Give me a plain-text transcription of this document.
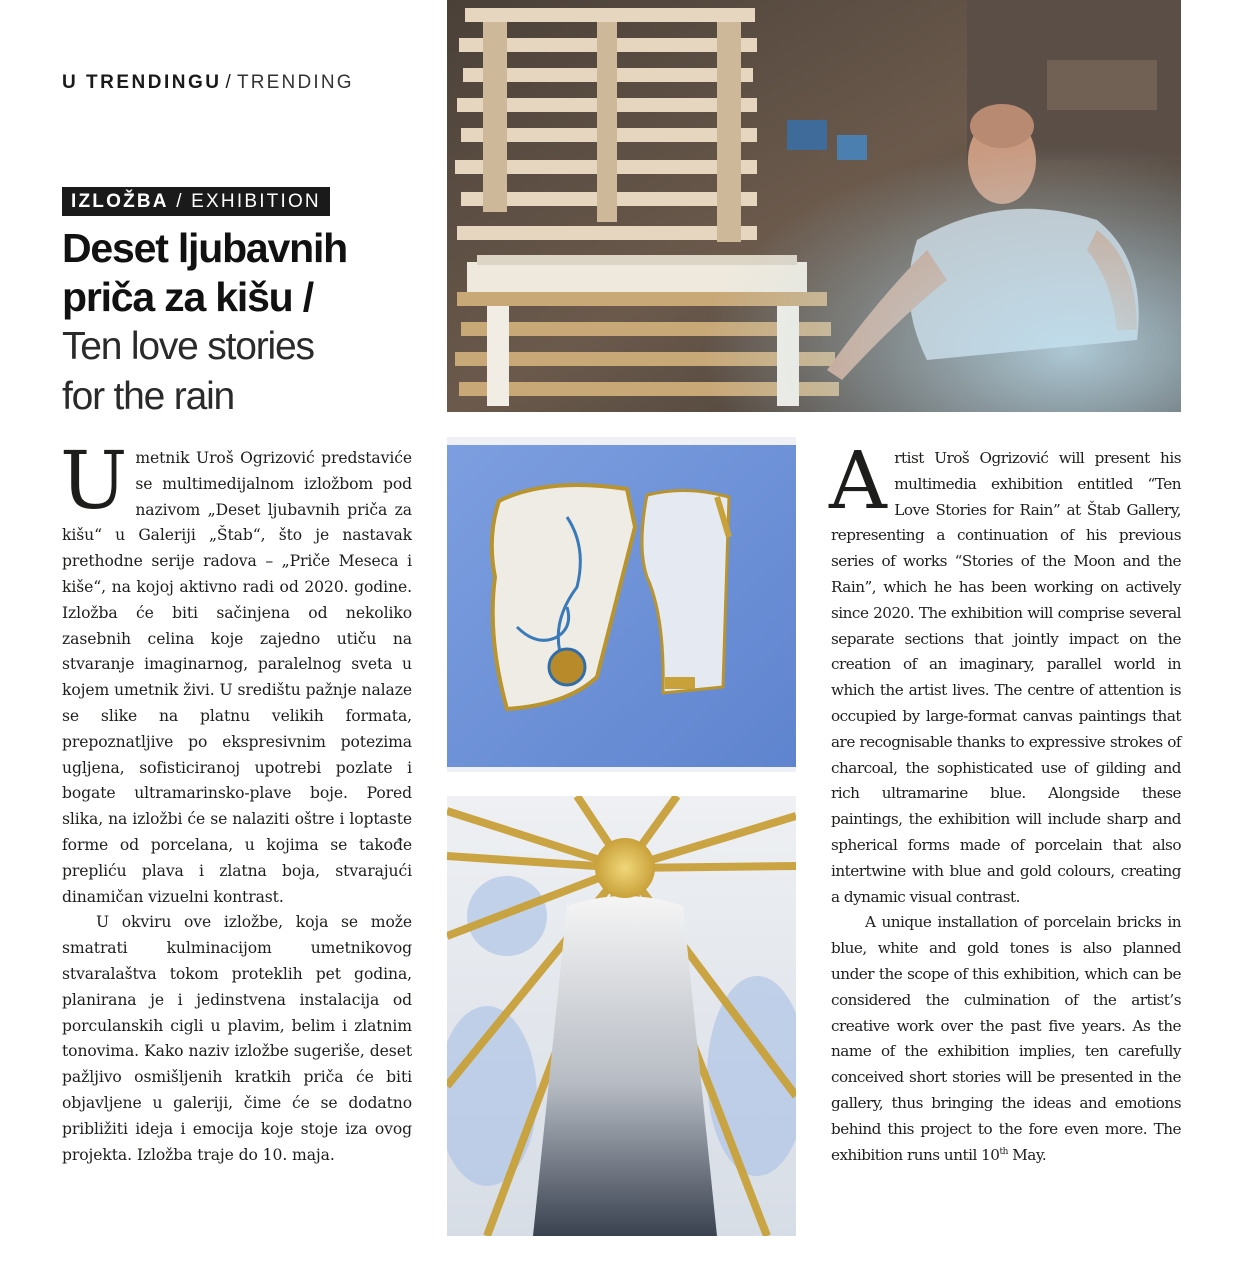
U TRENDINGU / TRENDING
IZLOŽBA / EXHIBITION
Deset ljubavnih
priča za kišu /
Ten love stories
for the rain

Umetnik Uroš Ogrizović predstaviće se multimedijalnom izložbom pod nazivom „Deset ljubavnih priča za kišu“ u Galeriji „Štab“, što je nastavak prethodne serije radova – „Priče Meseca i kiše“, na kojoj aktivno radi od 2020. godine. Izložba će biti sačinjena od nekoliko zasebnih celina koje zajedno utiču na stvaranje imaginarnog, paralelnog sveta u kojem umetnik živi. U središtu pažnje nalaze se slike na platnu velikih formata, prepoznatljive po ekspresivnim potezima ugljena, sofisticiranoj upotrebi pozlate i bogate ultramarinsko-plave boje. Pored slika, na izložbi će se nalaziti oštre i loptaste forme od porcelana, u kojima se takođe prepliću plava i zlatna boja, stvarajući dinamičan vizuelni kontrast.

U okviru ove izložbe, koja se može smatrati kulminacijom umetnikovog stvaralaštva tokom proteklih pet godina, planirana je i jedinstvena instalacija od porculanskih cigli u plavim, belim i zlatnim tonovima. Kako naziv izložbe sugeriše, deset pažljivo osmišljenih kratkih priča će biti objavljene u galeriji, čime će se dodatno približiti ideja i emocija koje stoje iza ovog projekta. Izložba traje do 10. maja.

Artist Uroš Ogrizović will present his multimedia exhibition entitled “Ten Love Stories for Rain” at Štab Gallery, representing a continuation of his previous series of works “Stories of the Moon and the Rain”, which he has been working on actively since 2020. The exhibition will comprise several separate sections that jointly impact on the creation of an imaginary, parallel world in which the artist lives. The centre of attention is occupied by large-format canvas paintings that are recognisable thanks to expressive strokes of charcoal, the sophisticated use of gilding and rich ultramarine blue. Alongside these paintings, the exhibition will include sharp and spherical forms made of porcelain that also intertwine with blue and gold colours, creating a dynamic visual contrast.

A unique installation of porcelain bricks in blue, white and gold tones is also planned under the scope of this exhibition, which can be considered the culmination of the artist’s creative work over the past five years. As the name of the exhibition implies, ten carefully conceived short stories will be presented in the gallery, thus bringing the ideas and emotions behind this project to the fore even more. The exhibition runs until 10th May.
